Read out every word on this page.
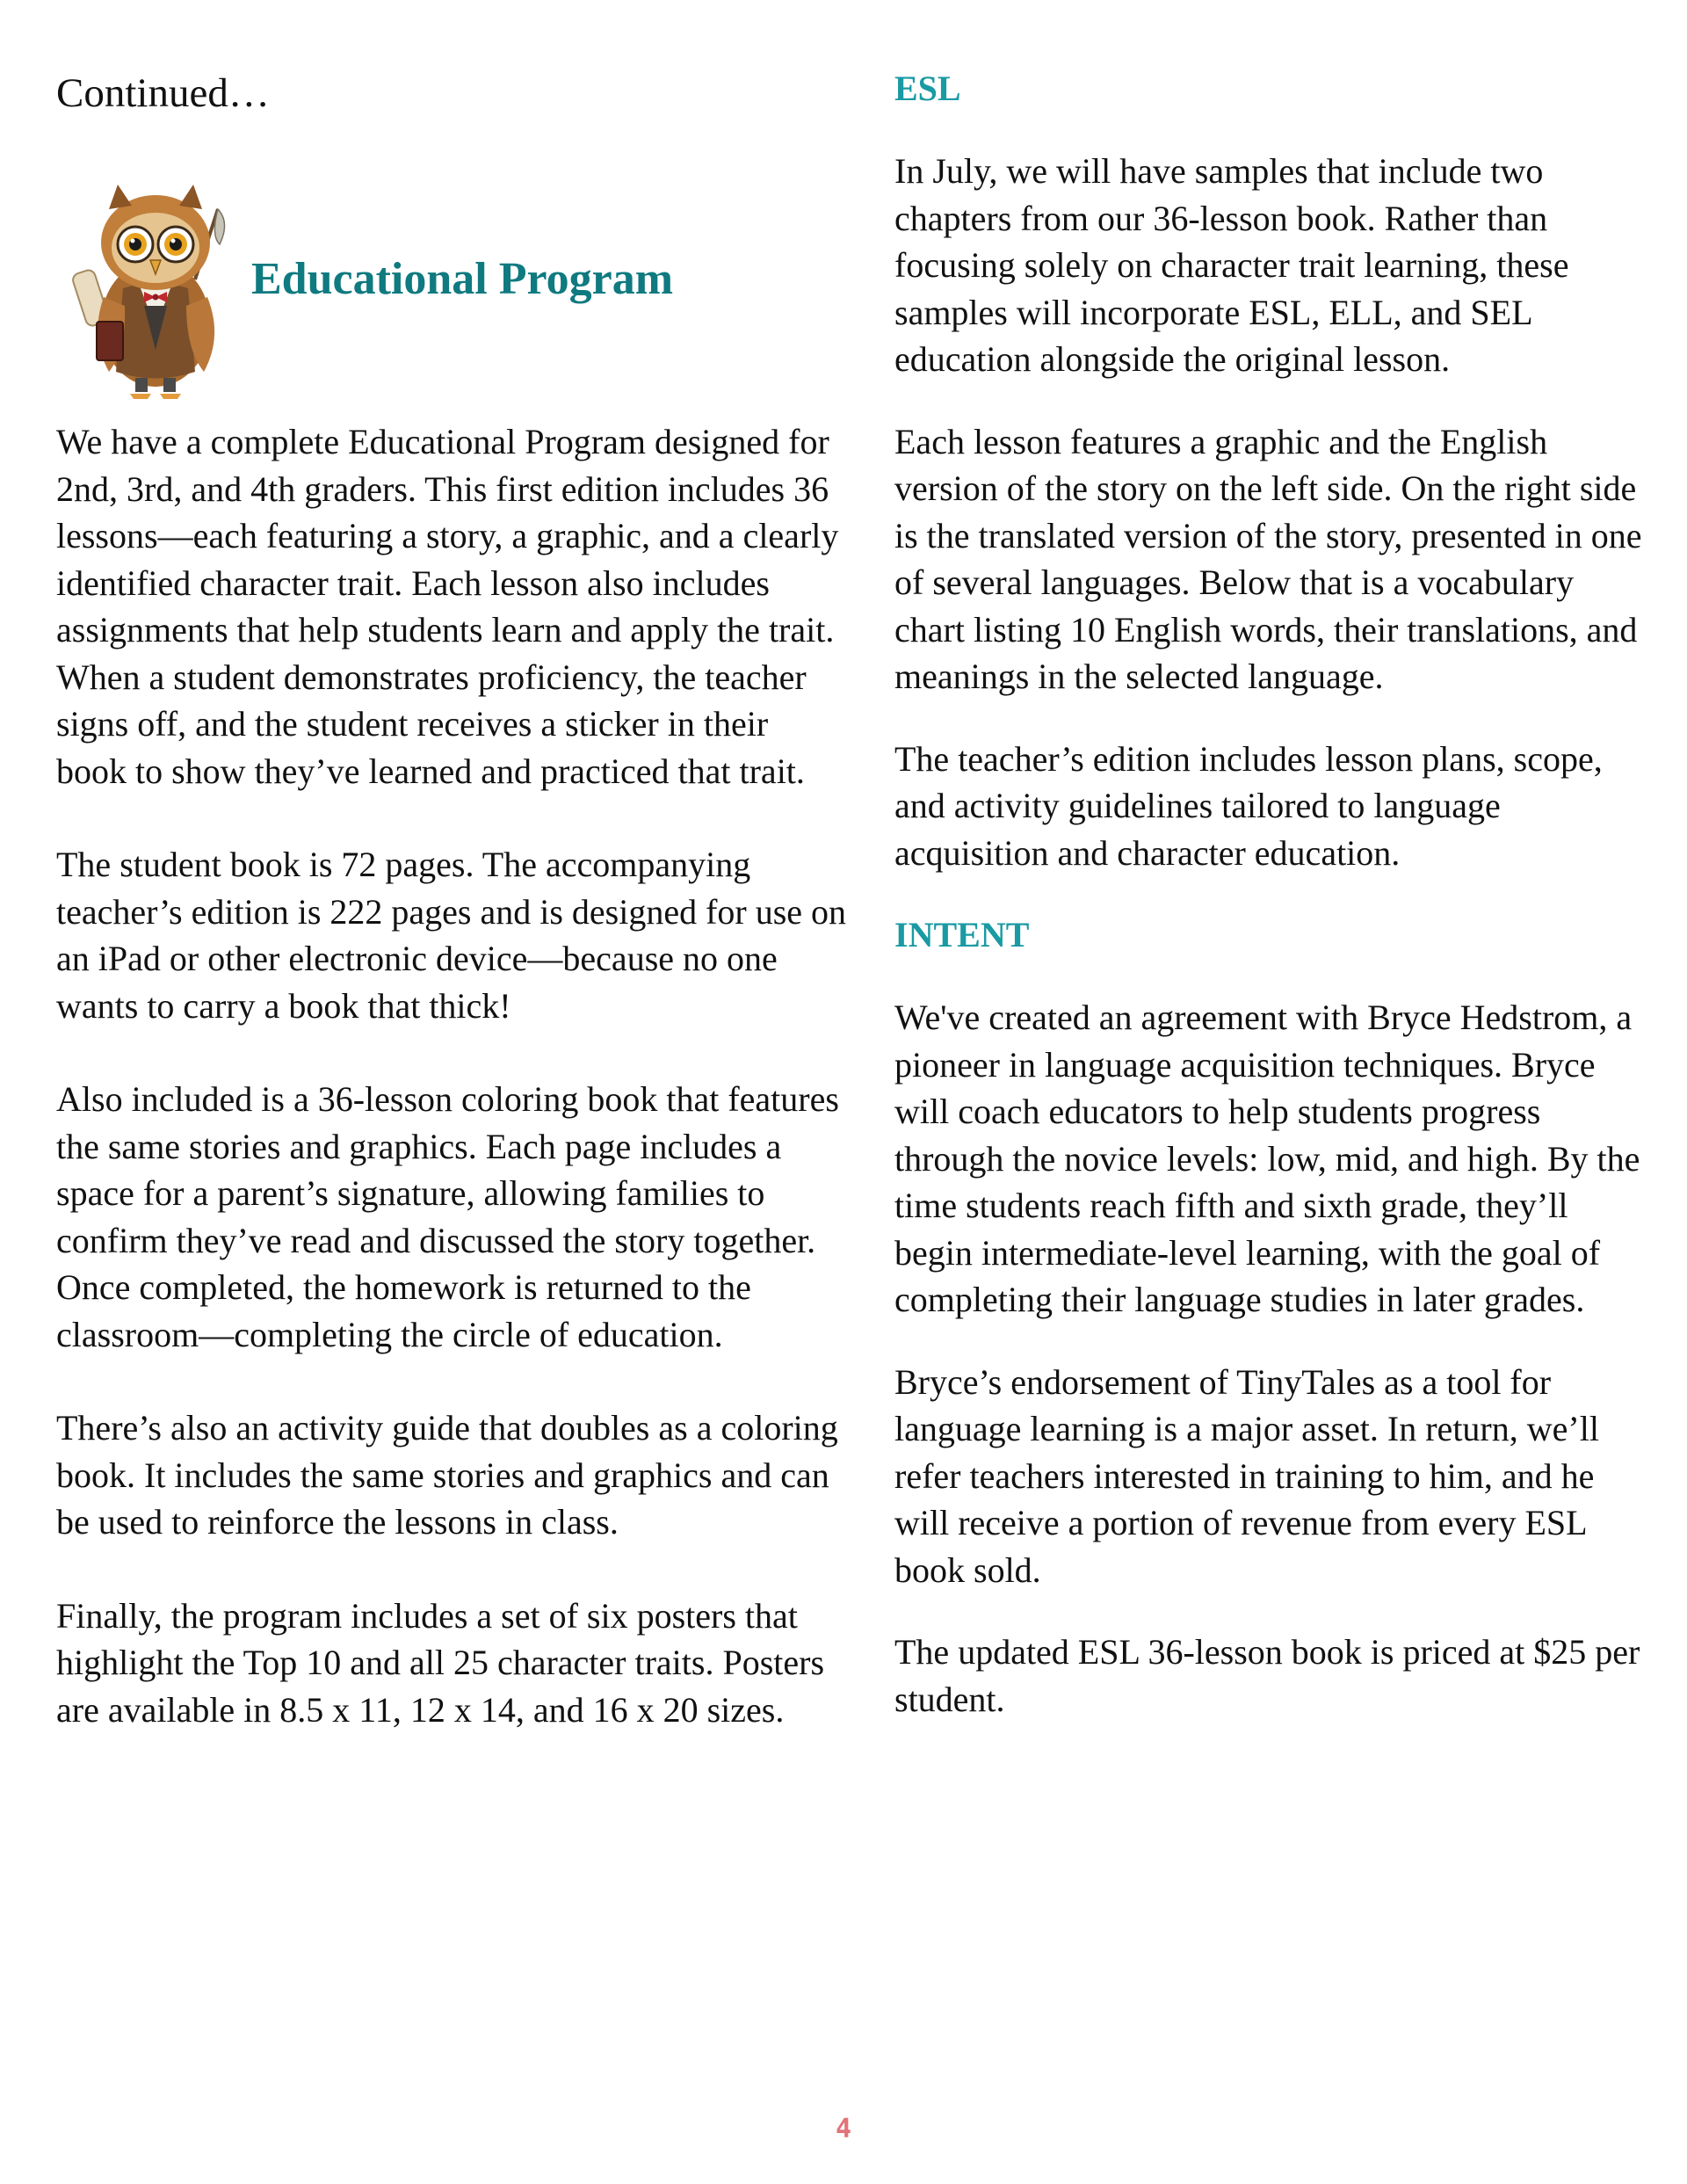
Continued…
Educational Program

We have a complete Educational Program designed for 2nd, 3rd, and 4th graders. This first edition includes 36 lessons—each featuring a story, a graphic, and a clearly identified character trait. Each lesson also includes assignments that help students learn and apply the trait. When a student demonstrates proficiency, the teacher signs off, and the student receives a sticker in their book to show they’ve learned and practiced that trait.

The student book is 72 pages. The accompanying teacher’s edition is 222 pages and is designed for use on an iPad or other electronic device—because no one wants to carry a book that thick!

Also included is a 36-lesson coloring book that features the same stories and graphics. Each page includes a space for a parent’s signature, allowing families to confirm they’ve read and discussed the story together. Once completed, the homework is returned to the classroom—completing the circle of education.

There’s also an activity guide that doubles as a coloring book. It includes the same stories and graphics and can be used to reinforce the lessons in class.

Finally, the program includes a set of six posters that highlight the Top 10 and all 25 character traits. Posters are available in 8.5 x 11, 12 x 14, and 16 x 20 sizes.

ESL

In July, we will have samples that include two chapters from our 36-lesson book. Rather than focusing solely on character trait learning, these samples will incorporate ESL, ELL, and SEL education alongside the original lesson.

Each lesson features a graphic and the English version of the story on the left side. On the right side is the translated version of the story, presented in one of several languages. Below that is a vocabulary chart listing 10 English words, their translations, and meanings in the selected language.

The teacher’s edition includes lesson plans, scope, and activity guidelines tailored to language acquisition and character education.

INTENT

We've created an agreement with Bryce Hedstrom, a pioneer in language acquisition techniques. Bryce will coach educators to help students progress through the novice levels: low, mid, and high. By the time students reach fifth and sixth grade, they’ll begin intermediate-level learning, with the goal of completing their language studies in later grades.

Bryce’s endorsement of TinyTales as a tool for language learning is a major asset. In return, we’ll refer teachers interested in training to him, and he will receive a portion of revenue from every ESL book sold.

The updated ESL 36-lesson book is priced at $25 per student.

4
